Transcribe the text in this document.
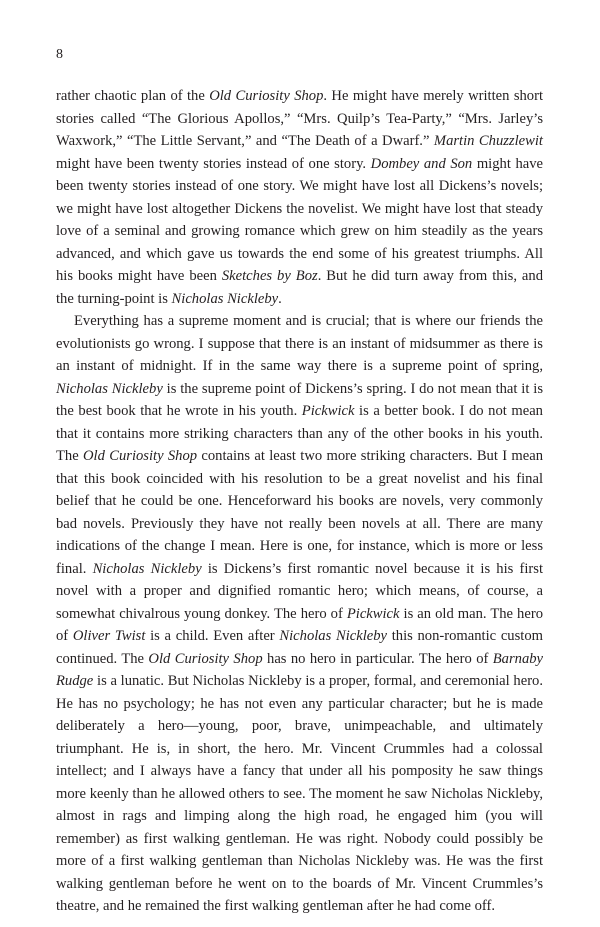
8

rather chaotic plan of the Old Curiosity Shop. He might have merely written short stories called “The Glorious Apollos,” “Mrs. Quilp’s Tea-Party,” “Mrs. Jarley’s Waxwork,” “The Little Servant,” and “The Death of a Dwarf.” Martin Chuzzlewit might have been twenty stories instead of one story. Dombey and Son might have been twenty stories instead of one story. We might have lost all Dickens’s novels; we might have lost altogether Dickens the novelist. We might have lost that steady love of a seminal and growing romance which grew on him steadily as the years advanced, and which gave us towards the end some of his greatest triumphs. All his books might have been Sketches by Boz. But he did turn away from this, and the turning-point is Nicholas Nickleby.

Everything has a supreme moment and is crucial; that is where our friends the evolutionists go wrong. I suppose that there is an instant of midsummer as there is an instant of midnight. If in the same way there is a supreme point of spring, Nicholas Nickleby is the supreme point of Dickens’s spring. I do not mean that it is the best book that he wrote in his youth. Pickwick is a better book. I do not mean that it contains more striking characters than any of the other books in his youth. The Old Curiosity Shop contains at least two more striking characters. But I mean that this book coincided with his resolution to be a great novelist and his final belief that he could be one. Henceforward his books are novels, very commonly bad novels. Previously they have not really been novels at all. There are many indications of the change I mean. Here is one, for instance, which is more or less final. Nicholas Nickleby is Dickens’s first romantic novel because it is his first novel with a proper and dignified romantic hero; which means, of course, a somewhat chivalrous young donkey. The hero of Pickwick is an old man. The hero of Oliver Twist is a child. Even after Nicholas Nickleby this non-romantic custom continued. The Old Curiosity Shop has no hero in particular. The hero of Barnaby Rudge is a lunatic. But Nicholas Nickleby is a proper, formal, and ceremonial hero. He has no psychology; he has not even any particular character; but he is made deliberately a hero—young, poor, brave, unimpeachable, and ultimately triumphant. He is, in short, the hero. Mr. Vincent Crummles had a colossal intellect; and I always have a fancy that under all his pomposity he saw things more keenly than he allowed others to see. The moment he saw Nicholas Nickleby, almost in rags and limping along the high road, he engaged him (you will remember) as first walking gentleman. He was right. Nobody could possibly be more of a first walking gentleman than Nicholas Nickleby was. He was the first walking gentleman before he went on to the boards of Mr. Vincent Crummles’s theatre, and he remained the first walking gentleman after he had come off.
